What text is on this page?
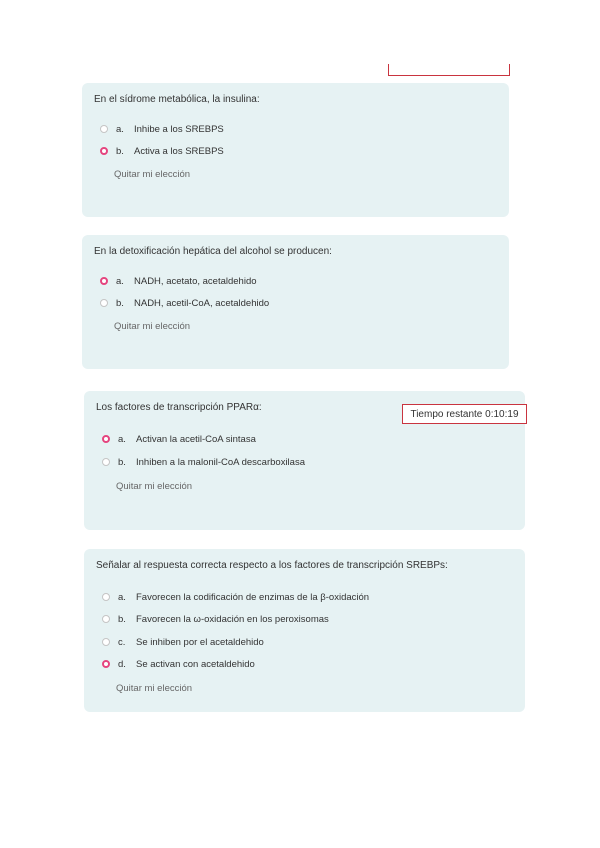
En el sídrome metabólica, la insulina:
a.	Inhibe a los SREBPS
b.	Activa a los SREBPS
Quitar mi elección
En la detoxificación hepática del alcohol se producen:
a.	NADH, acetato, acetaldehido
b.	NADH, acetil-CoA, acetaldehido
Quitar mi elección
Los factores de transcripción PPARα:
a.	Activan la acetil-CoA sintasa
b.	Inhiben a la malonil-CoA descarboxilasa
Quitar mi elección
Tiempo restante
0:10:19
Señalar al respuesta correcta respecto a los factores de transcripción SREBPs:
a.	Favorecen la codificación de enzimas de la β-oxidación
b.	Favorecen la ω-oxidación en los peroxisomas
c.	Se inhiben por el acetaldehido
d.	Se activan con acetaldehido
Quitar mi elección
